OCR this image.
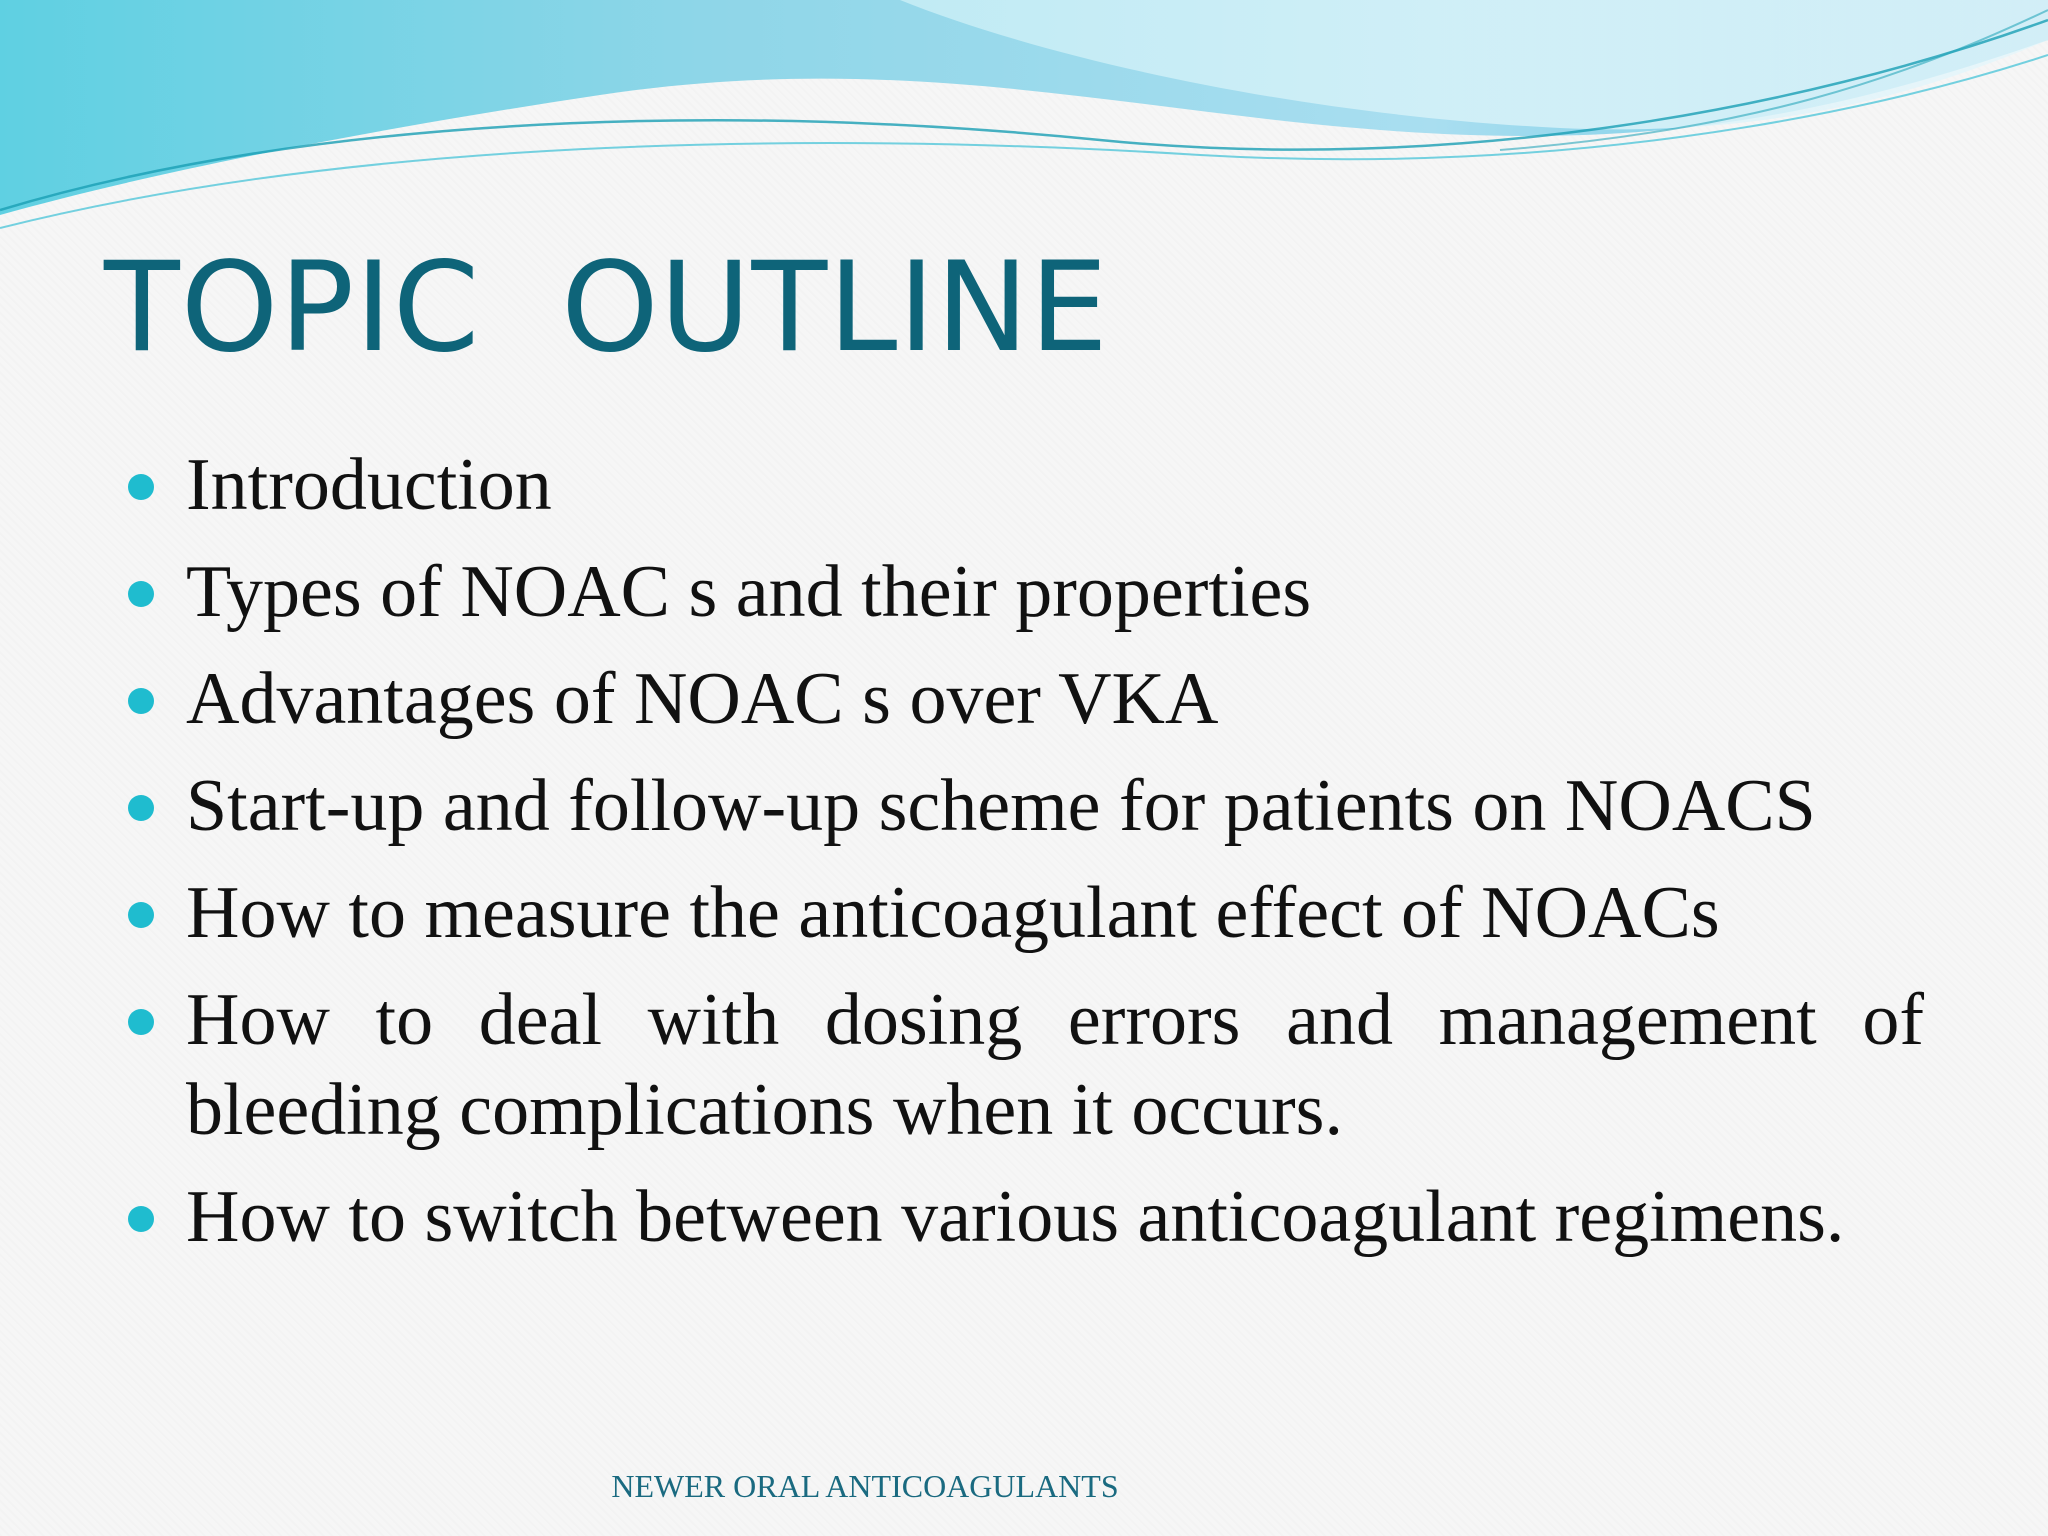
TOPIC  OUTLINE
Introduction
Types of NOAC s and their properties
Advantages of NOAC s over VKA
Start-up and follow-up scheme for patients on NOACS
How to measure the anticoagulant effect of NOACs
How to deal with dosing errors and management of bleeding complications when it occurs.
How to switch between various anticoagulant regimens.
NEWER ORAL ANTICOAGULANTS
